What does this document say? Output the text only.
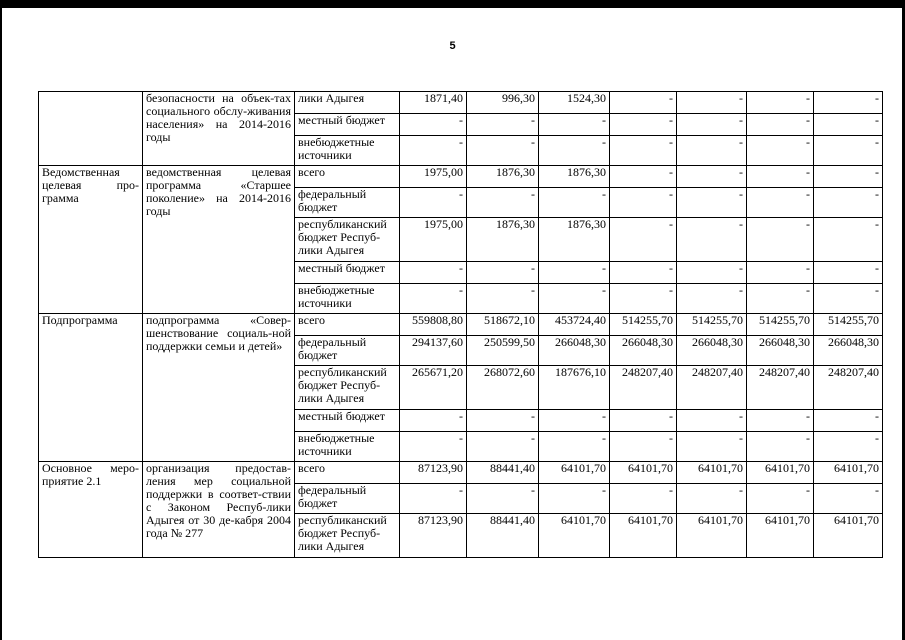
5
	безопасности на объек-тах социального обслу-живания населения» на 2014-2016 годы	лики Адыгея	1871,40	996,30	1524,30	-	-	-	-
		местный бюджет	-	-	-	-	-	-	-
		внебюджетные источники	-	-	-	-	-	-	-
Ведомственная целевая про-грамма	ведомственная целевая программа «Старшее поколение» на 2014-2016 годы	всего	1975,00	1876,30	1876,30	-	-	-	-
		федеральный бюджет	-	-	-	-	-	-	-
		республиканский бюджет Респуб-лики Адыгея	1975,00	1876,30	1876,30	-	-	-	-
		местный бюджет	-	-	-	-	-	-	-
		внебюджетные источники	-	-	-	-	-	-	-
Подпрограмма	подпрограмма «Совер-шенствование социаль-ной поддержки семьи и детей»	всего	559808,80	518672,10	453724,40	514255,70	514255,70	514255,70	514255,70
		федеральный бюджет	294137,60	250599,50	266048,30	266048,30	266048,30	266048,30	266048,30
		республиканский бюджет Респуб-лики Адыгея	265671,20	268072,60	187676,10	248207,40	248207,40	248207,40	248207,40
		местный бюджет	-	-	-	-	-	-	-
		внебюджетные источники	-	-	-	-	-	-	-
Основное меро-приятие 2.1	организация предостав-ления мер социальной поддержки в соответ-ствии с Законом Респуб-лики Адыгея от 30 де-кабря 2004 года № 277	всего	87123,90	88441,40	64101,70	64101,70	64101,70	64101,70	64101,70
		федеральный бюджет	-	-	-	-	-	-	-
		республиканский бюджет Респуб-лики Адыгея	87123,90	88441,40	64101,70	64101,70	64101,70	64101,70	64101,70
